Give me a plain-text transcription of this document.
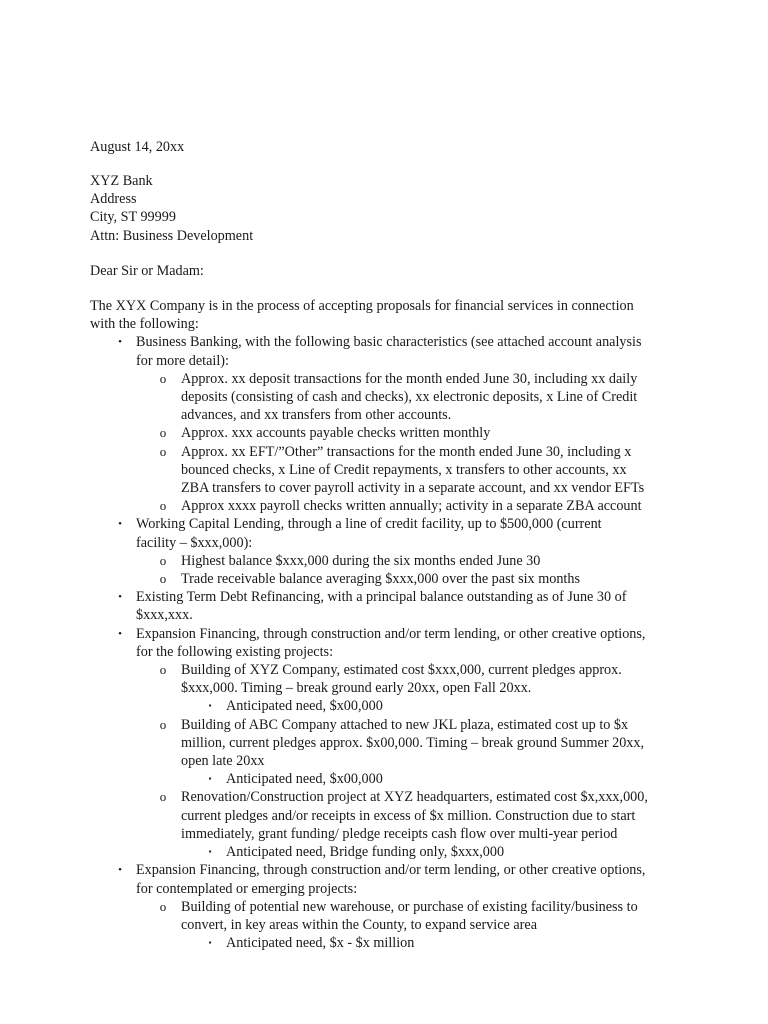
August 14, 20xx
XYZ Bank
Address
City, ST 99999
Attn: Business Development
Dear Sir or Madam:
The XYX Company is in the process of accepting proposals for financial services in connection
with the following:
• Business Banking, with the following basic characteristics (see attached account analysis
for more detail):
o Approx. xx deposit transactions for the month ended June 30, including xx daily
deposits (consisting of cash and checks), xx electronic deposits, x Line of Credit
advances, and xx transfers from other accounts.
o Approx. xxx accounts payable checks written monthly
o Approx. xx EFT/”Other” transactions for the month ended June 30, including x
bounced checks, x Line of Credit repayments, x transfers to other accounts, xx
ZBA transfers to cover payroll activity in a separate account, and xx vendor EFTs
o Approx xxxx payroll checks written annually; activity in a separate ZBA account
• Working Capital Lending, through a line of credit facility, up to $500,000 (current
facility – $xxx,000):
o Highest balance $xxx,000 during the six months ended June 30
o Trade receivable balance averaging $xxx,000 over the past six months
• Existing Term Debt Refinancing, with a principal balance outstanding as of June 30 of
$xxx,xxx.
• Expansion Financing, through construction and/or term lending, or other creative options,
for the following existing projects:
o Building of XYZ Company, estimated cost $xxx,000, current pledges approx.
$xxx,000. Timing – break ground early 20xx, open Fall 20xx.
▪	Anticipated need, $x00,000
o Building of ABC Company attached to new JKL plaza, estimated cost up to $x
million, current pledges approx. $x00,000. Timing – break ground Summer 20xx,
open late 20xx
▪	Anticipated need, $x00,000
o Renovation/Construction project at XYZ headquarters, estimated cost $x,xxx,000,
current pledges and/or receipts in excess of $x million. Construction due to start
immediately, grant funding/ pledge receipts cash flow over multi-year period
▪	Anticipated need, Bridge funding only, $xxx,000
• Expansion Financing, through construction and/or term lending, or other creative options,
for contemplated or emerging projects:
o Building of potential new warehouse, or purchase of existing facility/business to
convert, in key areas within the County, to expand service area
▪	Anticipated need, $x - $x million
